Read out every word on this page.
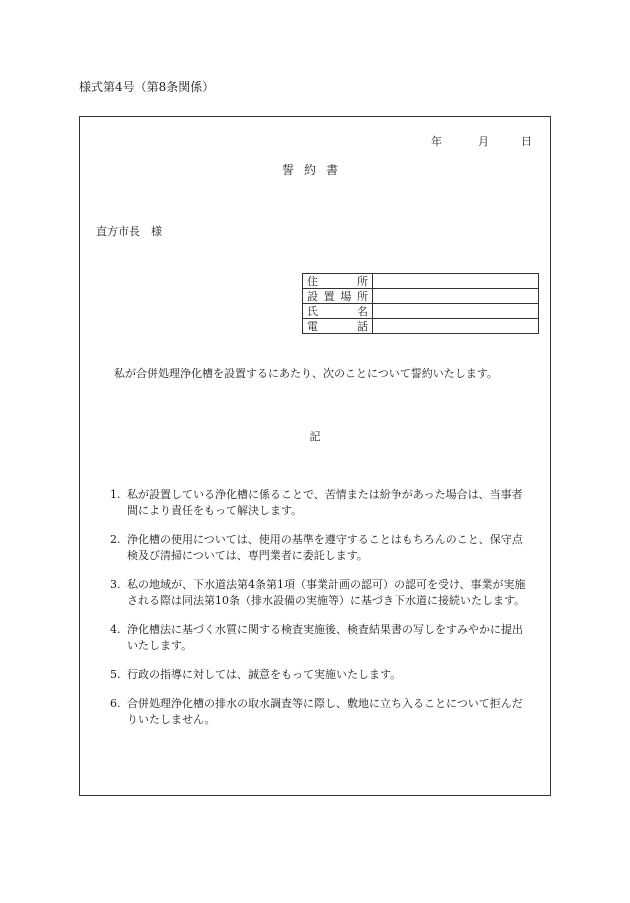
様式第4号（第8条関係）
年	月	日
誓約書
直方市長　様
住所	
設置場所	
氏名	
電話	
私が合併処理浄化槽を設置するにあたり、次のことについて誓約いたします。
記
1. 私が設置している浄化槽に係ることで、苦情または紛争があった場合は、当事者間により責任をもって解決します。
2. 浄化槽の使用については、使用の基準を遵守することはもちろんのこと、保守点検及び清掃については、専門業者に委託します。
3. 私の地域が、下水道法第4条第1項（事業計画の認可）の認可を受け、事業が実施される際は同法第10条（排水設備の実施等）に基づき下水道に接続いたします。
4. 浄化槽法に基づく水質に関する検査実施後、検査結果書の写しをすみやかに提出いたします。
5. 行政の指導に対しては、誠意をもって実施いたします。
6. 合併処理浄化槽の排水の取水調査等に際し、敷地に立ち入ることについて拒んだりいたしません。
